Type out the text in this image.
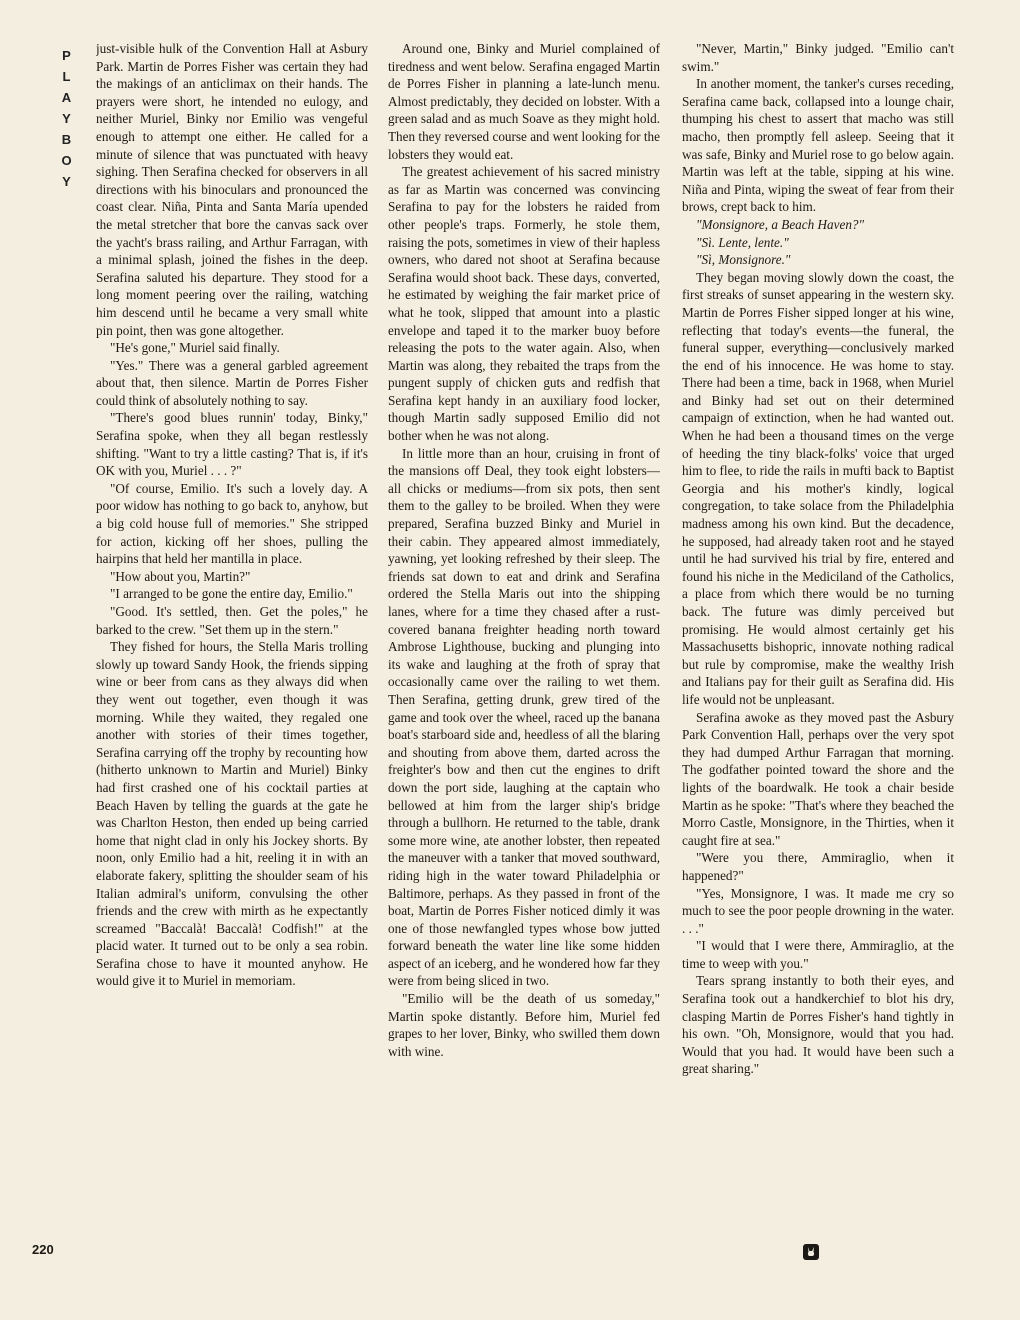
PLAYBOY just-visible hulk of the Convention Hall at Asbury Park. Martin de Porres Fisher was certain they had the makings of an anticlimax on their hands. The prayers were short, he intended no eulogy, and neither Muriel, Binky nor Emilio was vengeful enough to attempt one either. He called for a minute of silence that was punctuated with heavy sighing. Then Serafina checked for observers in all directions with his binoculars and pronounced the coast clear. Niña, Pinta and Santa María upended the metal stretcher that bore the canvas sack over the yacht's brass railing, and Arthur Farragan, with a minimal splash, joined the fishes in the deep. Serafina saluted his departure. They stood for a long moment peering over the railing, watching him descend until he became a very small white pin point, then was gone altogether.

"He's gone," Muriel said finally.

"Yes." There was a general garbled agreement about that, then silence. Martin de Porres Fisher could think of absolutely nothing to say.

"There's good blues runnin' today, Binky," Serafina spoke, when they all began restlessly shifting. "Want to try a little casting? That is, if it's OK with you, Muriel . . . ?"

"Of course, Emilio. It's such a lovely day. A poor widow has nothing to go back to, anyhow, but a big cold house full of memories." She stripped for action, kicking off her shoes, pulling the hairpins that held her mantilla in place.

"How about you, Martin?"

"I arranged to be gone the entire day, Emilio."

"Good. It's settled, then. Get the poles," he barked to the crew. "Set them up in the stern."

They fished for hours, the Stella Maris trolling slowly up toward Sandy Hook, the friends sipping wine or beer from cans as they always did when they went out together, even though it was morning. While they waited, they regaled one another with stories of their times together, Serafina carrying off the trophy by recounting how (hitherto unknown to Martin and Muriel) Binky had first crashed one of his cocktail parties at Beach Haven by telling the guards at the gate he was Charlton Heston, then ended up being carried home that night clad in only his Jockey shorts. By noon, only Emilio had a hit, reeling it in with an elaborate fakery, splitting the shoulder seam of his Italian admiral's uniform, convulsing the other friends and the crew with mirth as he expectantly screamed "Baccalà! Baccalà! Codfish!" at the placid water. It turned out to be only a sea robin. Serafina chose to have it mounted anyhow. He would give it to Muriel in memoriam.

Around one, Binky and Muriel complained of tiredness and went below. Serafina engaged Martin de Porres Fisher in planning a late-lunch menu. Almost predictably, they decided on lobster. With a green salad and as much Soave as they might hold. Then they reversed course and went looking for the lobsters they would eat.

The greatest achievement of his sacred ministry as far as Martin was concerned was convincing Serafina to pay for the lobsters he raided from other people's traps. Formerly, he stole them, raising the pots, sometimes in view of their hapless owners, who dared not shoot at Serafina because Serafina would shoot back. These days, converted, he estimated by weighing the fair market price of what he took, slipped that amount into a plastic envelope and taped it to the marker buoy before releasing the pots to the water again. Also, when Martin was along, they rebaited the traps from the pungent supply of chicken guts and redfish that Serafina kept handy in an auxiliary food locker, though Martin sadly supposed Emilio did not bother when he was not along.

In little more than an hour, cruising in front of the mansions off Deal, they took eight lobsters—all chicks or mediums—from six pots, then sent them to the galley to be broiled. When they were prepared, Serafina buzzed Binky and Muriel in their cabin. They appeared almost immediately, yawning, yet looking refreshed by their sleep. The friends sat down to eat and drink and Serafina ordered the Stella Maris out into the shipping lanes, where for a time they chased after a rust-covered banana freighter heading north toward Ambrose Lighthouse, bucking and plunging into its wake and laughing at the froth of spray that occasionally came over the railing to wet them. Then Serafina, getting drunk, grew tired of the game and took over the wheel, raced up the banana boat's starboard side and, heedless of all the blaring and shouting from above them, darted across the freighter's bow and then cut the engines to drift down the port side, laughing at the captain who bellowed at him from the larger ship's bridge through a bullhorn. He returned to the table, drank some more wine, ate another lobster, then repeated the maneuver with a tanker that moved southward, riding high in the water toward Philadelphia or Baltimore, perhaps. As they passed in front of the boat, Martin de Porres Fisher noticed dimly it was one of those newfangled types whose bow jutted forward beneath the water line like some hidden aspect of an iceberg, and he wondered how far they were from being sliced in two.

"Emilio will be the death of us someday," Martin spoke distantly. Before him, Muriel fed grapes to her lover, Binky, who swilled them down with wine.

"Never, Martin," Binky judged. "Emilio can't swim."

In another moment, the tanker's curses receding, Serafina came back, collapsed into a lounge chair, thumping his chest to assert that macho was still macho, then promptly fell asleep. Seeing that it was safe, Binky and Muriel rose to go below again. Martin was left at the table, sipping at his wine. Niña and Pinta, wiping the sweat of fear from their brows, crept back to him.

"Monsignore, a Beach Haven?"

"Sì. Lente, lente."

"Sì, Monsignore."

They began moving slowly down the coast, the first streaks of sunset appearing in the western sky. Martin de Porres Fisher sipped longer at his wine, reflecting that today's events—the funeral, the funeral supper, everything—conclusively marked the end of his innocence. He was home to stay. There had been a time, back in 1968, when Muriel and Binky had set out on their determined campaign of extinction, when he had wanted out. When he had been a thousand times on the verge of heeding the tiny black-folks' voice that urged him to flee, to ride the rails in mufti back to Baptist Georgia and his mother's kindly, logical congregation, to take solace from the Philadelphia madness among his own kind. But the decadence, he supposed, had already taken root and he stayed until he had survived his trial by fire, entered and found his niche in the Mediciland of the Catholics, a place from which there would be no turning back. The future was dimly perceived but promising. He would almost certainly get his Massachusetts bishopric, innovate nothing radical but rule by compromise, make the wealthy Irish and Italians pay for their guilt as Serafina did. His life would not be unpleasant.

Serafina awoke as they moved past the Asbury Park Convention Hall, perhaps over the very spot they had dumped Arthur Farragan that morning. The godfather pointed toward the shore and the lights of the boardwalk. He took a chair beside Martin as he spoke: "That's where they beached the Morro Castle, Monsignore, in the Thirties, when it caught fire at sea."

"Were you there, Ammiraglio, when it happened?"

"Yes, Monsignore, I was. It made me cry so much to see the poor people drowning in the water. . . ."

"I would that I were there, Ammiraglio, at the time to weep with you."

Tears sprang instantly to both their eyes, and Serafina took out a handkerchief to blot his dry, clasping Martin de Porres Fisher's hand tightly in his own. "Oh, Monsignore, would that you had. Would that you had. It would have been such a great sharing."

220
